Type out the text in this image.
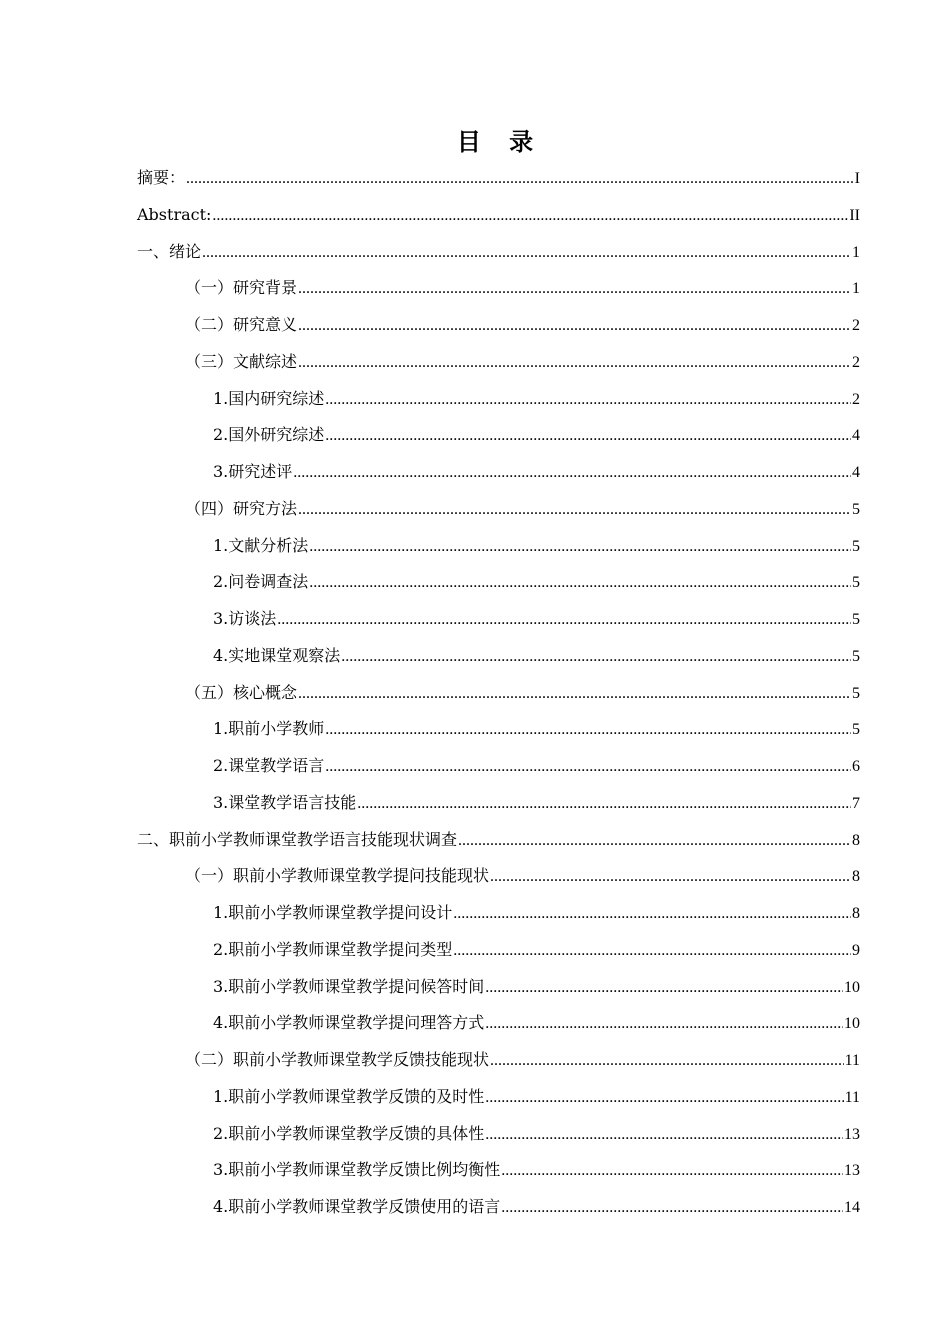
目 录
摘要： .....	I
Abstract: .....	II
一、绪论 .....	1
（一）研究背景 .....	1
（二）研究意义 .....	2
（三）文献综述 .....	2
1.国内研究综述 .....	2
2.国外研究综述 .....	4
3.研究述评 .....	4
（四）研究方法 .....	5
1.文献分析法 .....	5
2.问卷调查法 .....	5
3.访谈法 .....	5
4.实地课堂观察法 .....	5
（五）核心概念 .....	5
1.职前小学教师 .....	5
2.课堂教学语言 .....	6
3.课堂教学语言技能 .....	7
二、职前小学教师课堂教学语言技能现状调查 .....	8
（一）职前小学教师课堂教学提问技能现状 .....	8
1.职前小学教师课堂教学提问设计 .....	8
2.职前小学教师课堂教学提问类型 .....	9
3.职前小学教师课堂教学提问候答时间 .....	10
4.职前小学教师课堂教学提问理答方式 .....	10
（二）职前小学教师课堂教学反馈技能现状 .....	11
1.职前小学教师课堂教学反馈的及时性 .....	11
2.职前小学教师课堂教学反馈的具体性 .....	13
3.职前小学教师课堂教学反馈比例均衡性 .....	13
4.职前小学教师课堂教学反馈使用的语言 .....	14
